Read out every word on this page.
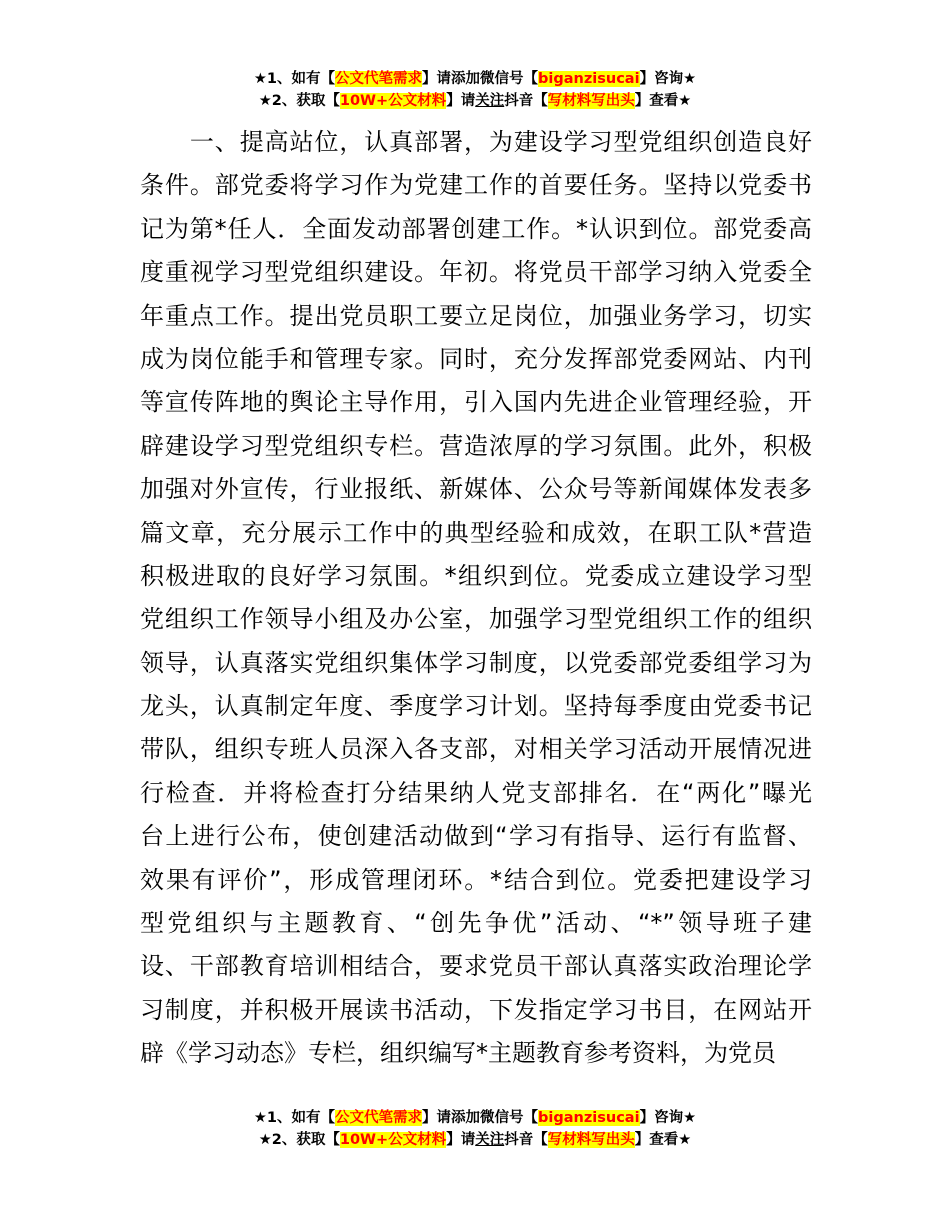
★1、如有【公文代笔需求】请添加微信号【biganzisucai】咨询★
★2、获取【10W+公文材料】请关注抖音【写材料写出头】查看★
　　一、提高站位，认真部署，为建设学习型党组织创造良好
条件。部党委将学习作为党建工作的首要任务。坚持以党委书
记为第*任人．全面发动部署创建工作。*认识到位。部党委高
度重视学习型党组织建设。年初。将党员干部学习纳入党委全
年重点工作。提出党员职工要立足岗位，加强业务学习，切实
成为岗位能手和管理专家。同时，充分发挥部党委网站、内刊
等宣传阵地的舆论主导作用，引入国内先进企业管理经验，开
辟建设学习型党组织专栏。营造浓厚的学习氛围。此外，积极
加强对外宣传，行业报纸、新媒体、公众号等新闻媒体发表多
篇文章，充分展示工作中的典型经验和成效，在职工队*营造
积极进取的良好学习氛围。*组织到位。党委成立建设学习型
党组织工作领导小组及办公室，加强学习型党组织工作的组织
领导，认真落实党组织集体学习制度，以党委部党委组学习为
龙头，认真制定年度、季度学习计划。坚持每季度由党委书记
带队，组织专班人员深入各支部，对相关学习活动开展情况进
行检查．并将检查打分结果纳人党支部排名．在“两化”曝光
台上进行公布，使创建活动做到“学习有指导、运行有监督、
效果有评价”，形成管理闭环。*结合到位。党委把建设学习
型党组织与主题教育、“创先争优”活动、“*”领导班子建
设、干部教育培训相结合，要求党员干部认真落实政治理论学
习制度，并积极开展读书活动，下发指定学习书目，在网站开
辟《学习动态》专栏，组织编写*主题教育参考资料，为党员
★1、如有【公文代笔需求】请添加微信号【biganzisucai】咨询★
★2、获取【10W+公文材料】请关注抖音【写材料写出头】查看★
